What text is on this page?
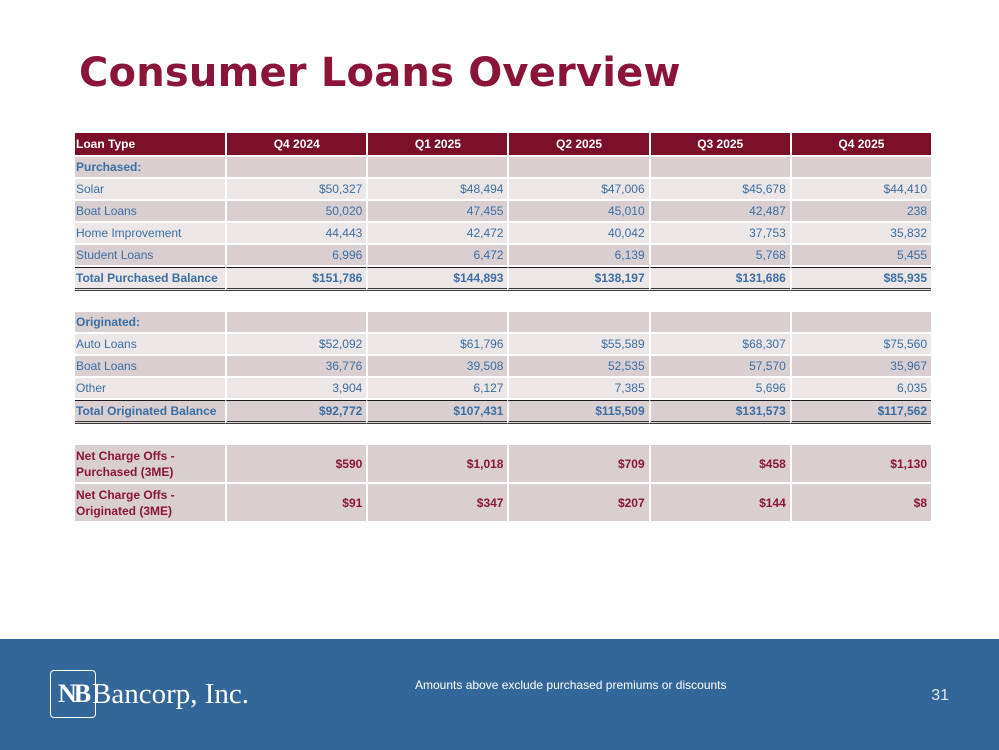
Consumer Loans Overview
Loan Type	Q4 2024	Q1 2025	Q2 2025	Q3 2025	Q4 2025
Purchased:					
Solar	$50,327	$48,494	$47,006	$45,678	$44,410
Boat Loans	50,020	47,455	45,010	42,487	238
Home Improvement	44,443	42,472	40,042	37,753	35,832
Student Loans	6,996	6,472	6,139	5,768	5,455
Total Purchased Balance	$151,786	$144,893	$138,197	$131,686	$85,935

Originated:					
Auto Loans	$52,092	$61,796	$55,589	$68,307	$75,560
Boat Loans	36,776	39,508	52,535	57,570	35,967
Other	3,904	6,127	7,385	5,696	6,035
Total Originated Balance	$92,772	$107,431	$115,509	$131,573	$117,562

Net Charge Offs - Purchased (3ME)	$590	$1,018	$709	$458	$1,130
Net Charge Offs - Originated (3ME)	$91	$347	$207	$144	$8
NB Bancorp, Inc.	Amounts above exclude purchased premiums or discounts
31
